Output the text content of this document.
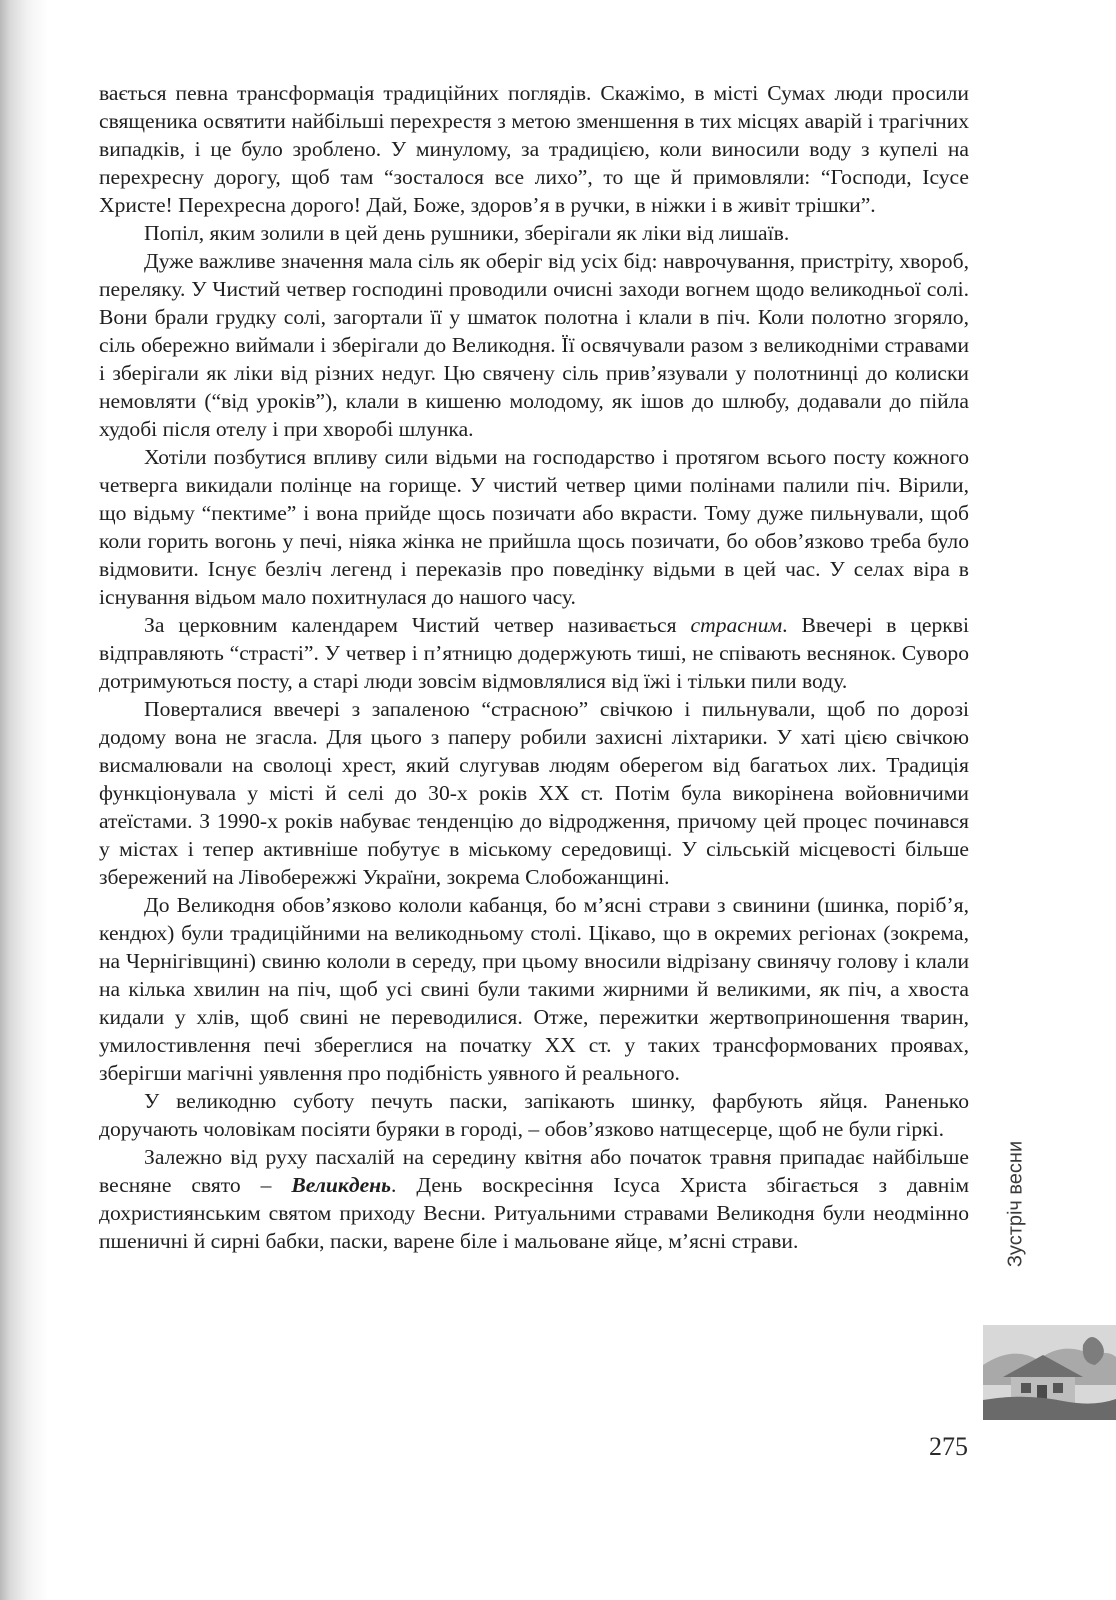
вається певна трансформація традиційних поглядів. Скажімо, в місті Сумах люди просили священика освятити найбільші перехрестя з метою зменшення в тих місцях аварій і трагічних випадків, і це було зроблено. У минулому, за традицією, коли виносили воду з купелі на перехресну дорогу, щоб там “зосталося все лихо”, то ще й примовляли: “Господи, Ісусе Христе! Перехресна дорого! Дай, Боже, здоров’я в ручки, в ніжки і в живіт трішки”.

Попіл, яким золили в цей день рушники, зберігали як ліки від лишаїв.

Дуже важливе значення мала сіль як оберіг від усіх бід: наврочування, пристріту, хвороб, переляку. У Чистий четвер господині проводили очисні заходи вогнем щодо великодньої солі. Вони брали грудку солі, загортали її у шматок полотна і клали в піч. Коли полотно згоряло, сіль обережно виймали і зберігали до Великодня. Її освячували разом з великодніми стравами і зберігали як ліки від різних недуг. Цю свячену сіль прив’язували у полотнинці до колиски немовляти (“від уроків”), клали в кишеню молодому, як ішов до шлюбу, додавали до пійла худобі після отелу і при хворобі шлунка.

Хотіли позбутися впливу сили відьми на господарство і протягом всього посту кожного четверга викидали полінце на горище. У чистий четвер цими полінами палили піч. Вірили, що відьму “пектиме” і вона прийде щось позичати або вкрасти. Тому дуже пильнували, щоб коли горить вогонь у печі, ніяка жінка не прийшла щось позичати, бо обов’язково треба було відмовити. Існує безліч легенд і переказів про поведінку відьми в цей час. У селах віра в існування відьом мало похитнулася до нашого часу.

За церковним календарем Чистий четвер називається страсним. Ввечері в церкві відправляють “страсті”. У четвер і п’ятницю додержують тиші, не співають веснянок. Суворо дотримуються посту, а старі люди зовсім відмовлялися від їжі і тільки пили воду.

Поверталися ввечері з запаленою “страсною” свічкою і пильнували, щоб по дорозі додому вона не згасла. Для цього з паперу робили захисні ліхтарики. У хаті цією свічкою висмалювали на сволоці хрест, який слугував людям оберегом від багатьох лих. Традиція функціонувала у місті й селі до 30-х років XX ст. Потім була викорінена войовничими атеїстами. З 1990-х років набуває тенденцію до відродження, причому цей процес починався у містах і тепер активніше побутує в міському середовищі. У сільській місцевості більше збережений на Лівобережжі України, зокрема Слобожанщині.

До Великодня обов’язково кололи кабанця, бо м’ясні страви з свинини (шинка, поріб’я, кендюх) були традиційними на великодньому столі. Цікаво, що в окремих регіонах (зокрема, на Чернігівщині) свиню кололи в середу, при цьому вносили відрізану свинячу голову і клали на кілька хвилин на піч, щоб усі свині були такими жирними й великими, як піч, а хвоста кидали у хлів, щоб свині не переводилися. Отже, пережитки жертвоприношення тварин, умилостивлення печі збереглися на початку XX ст. у таких трансформованих проявах, зберігши магічні уявлення про подібність уявного й реального.

У великодню суботу печуть паски, запікають шинку, фарбують яйця. Раненько доручають чоловікам посіяти буряки в городі, – обов’язково натщесерце, щоб не були гіркі.

Залежно від руху пасхалій на середину квітня або початок травня припадає найбільше весняне свято – Великдень. День воскресіння Ісуса Христа збігається з давнім дохристиянським святом приходу Весни. Ритуальними стравами Великодня були неодмінно пшеничні й сирні бабки, паски, варене біле і мальоване яйце, м’ясні страви.	Зустріч весни
275
